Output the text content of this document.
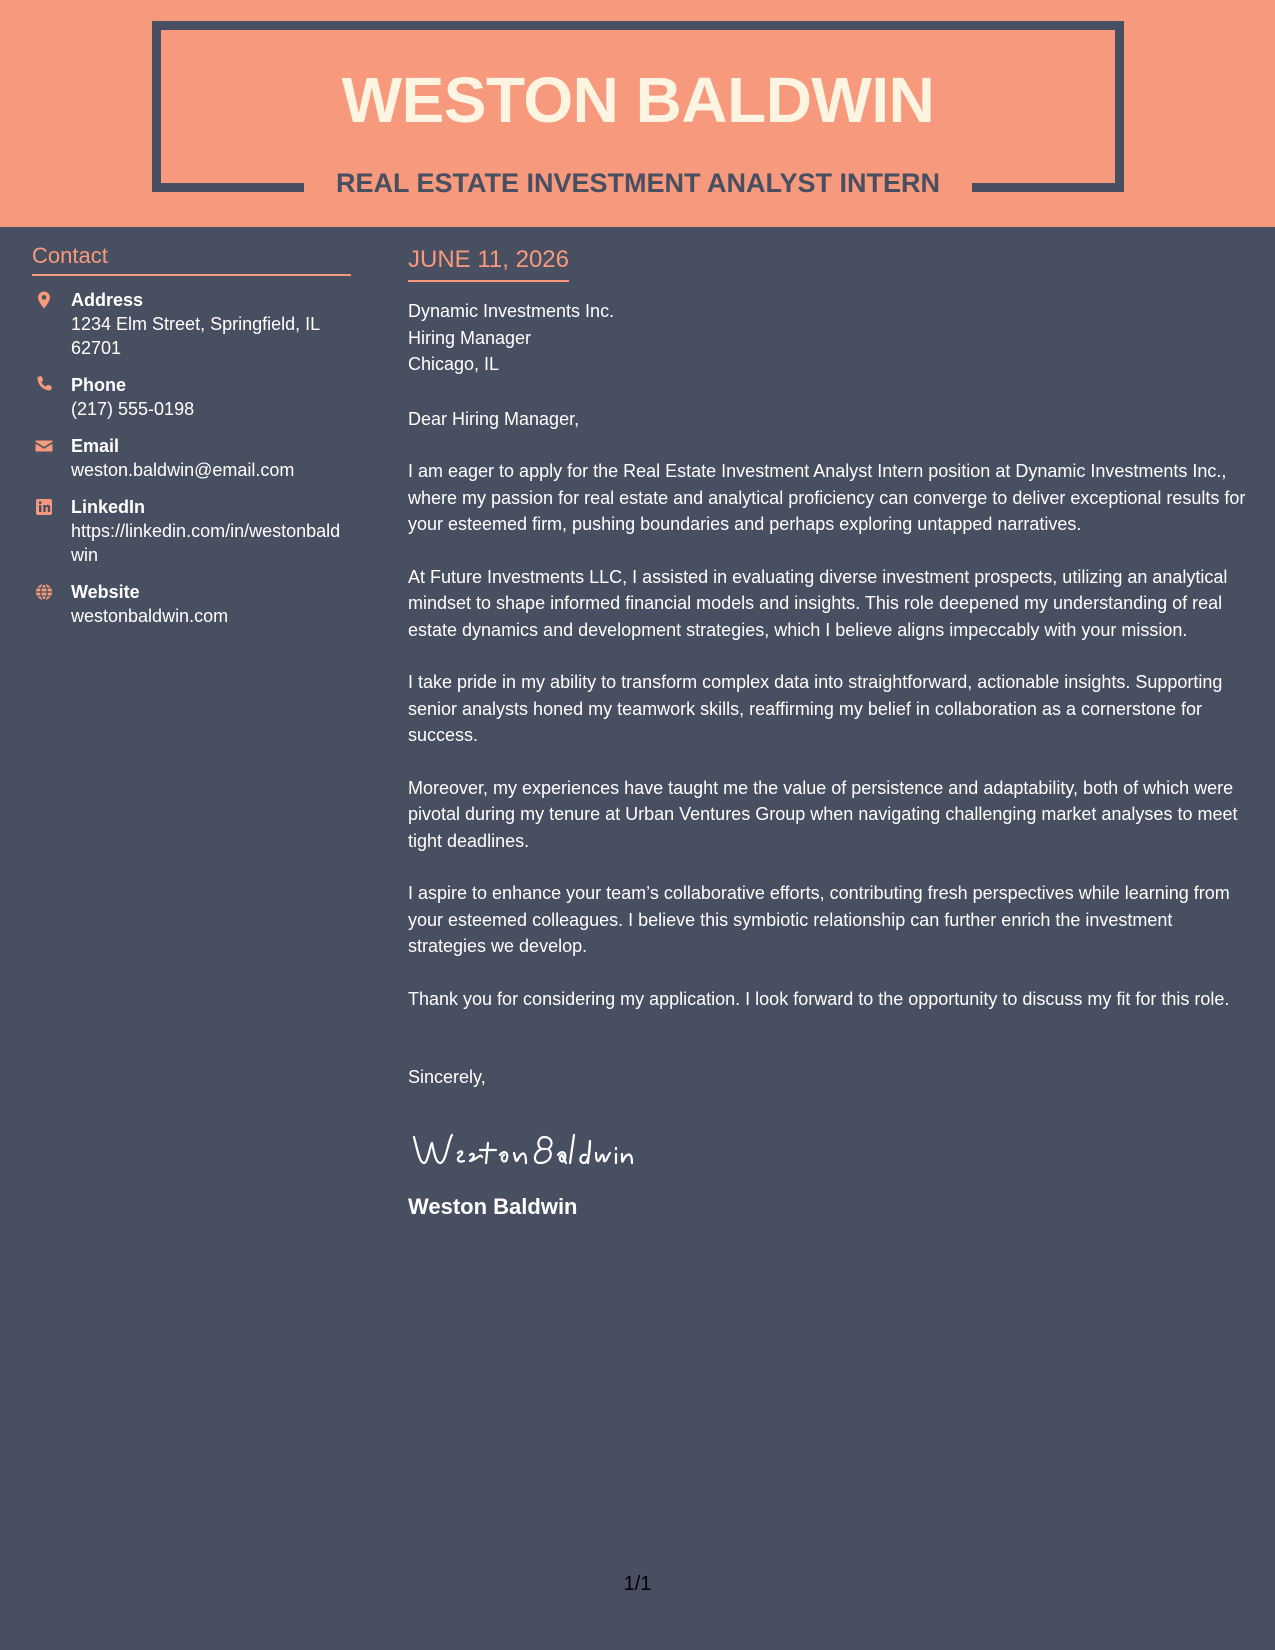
WESTON BALDWIN
REAL ESTATE INVESTMENT ANALYST INTERN
Contact
Address
1234 Elm Street, Springfield, IL 62701
Phone
(217) 555-0198
Email
weston.baldwin@email.com
LinkedIn
https://linkedin.com/in/westonbaldwin
Website
westonbaldwin.com
JUNE 11, 2026
Dynamic Investments Inc.
Hiring Manager
Chicago, IL
Dear Hiring Manager,
I am eager to apply for the Real Estate Investment Analyst Intern position at Dynamic Investments Inc., where my passion for real estate and analytical proficiency can converge to deliver exceptional results for your esteemed firm, pushing boundaries and perhaps exploring untapped narratives.
At Future Investments LLC, I assisted in evaluating diverse investment prospects, utilizing an analytical mindset to shape informed financial models and insights. This role deepened my understanding of real estate dynamics and development strategies, which I believe aligns impeccably with your mission.
I take pride in my ability to transform complex data into straightforward, actionable insights. Supporting senior analysts honed my teamwork skills, reaffirming my belief in collaboration as a cornerstone for success.
Moreover, my experiences have taught me the value of persistence and adaptability, both of which were pivotal during my tenure at Urban Ventures Group when navigating challenging market analyses to meet tight deadlines.
I aspire to enhance your team’s collaborative efforts, contributing fresh perspectives while learning from your esteemed colleagues. I believe this symbiotic relationship can further enrich the investment strategies we develop.
Thank you for considering my application. I look forward to the opportunity to discuss my fit for this role.
Sincerely,
Weston Baldwin
1/1
